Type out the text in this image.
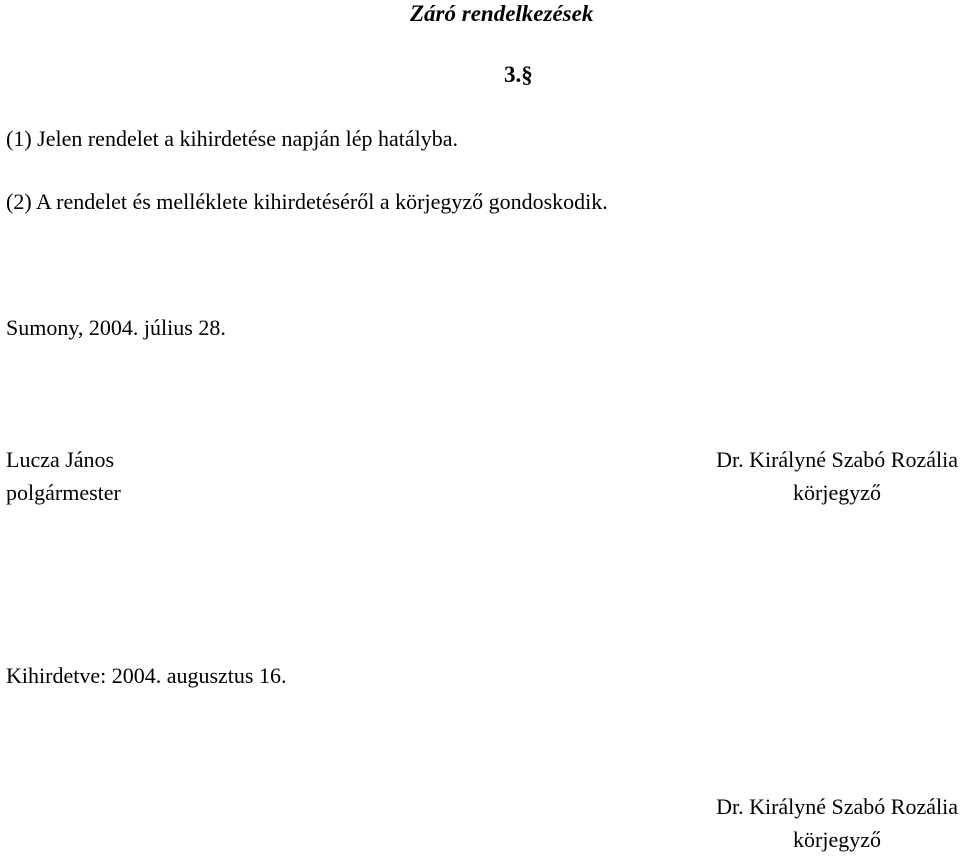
Záró rendelkezések
3.§
(1) Jelen rendelet a kihirdetése napján lép hatályba.
(2) A rendelet és melléklete kihirdetéséről a körjegyző gondoskodik.
Sumony, 2004. július 28.
Lucza János
polgármester
Dr. Királyné Szabó Rozália
körjegyző
Kihirdetve: 2004. augusztus 16.
Dr. Királyné Szabó Rozália
körjegyző
